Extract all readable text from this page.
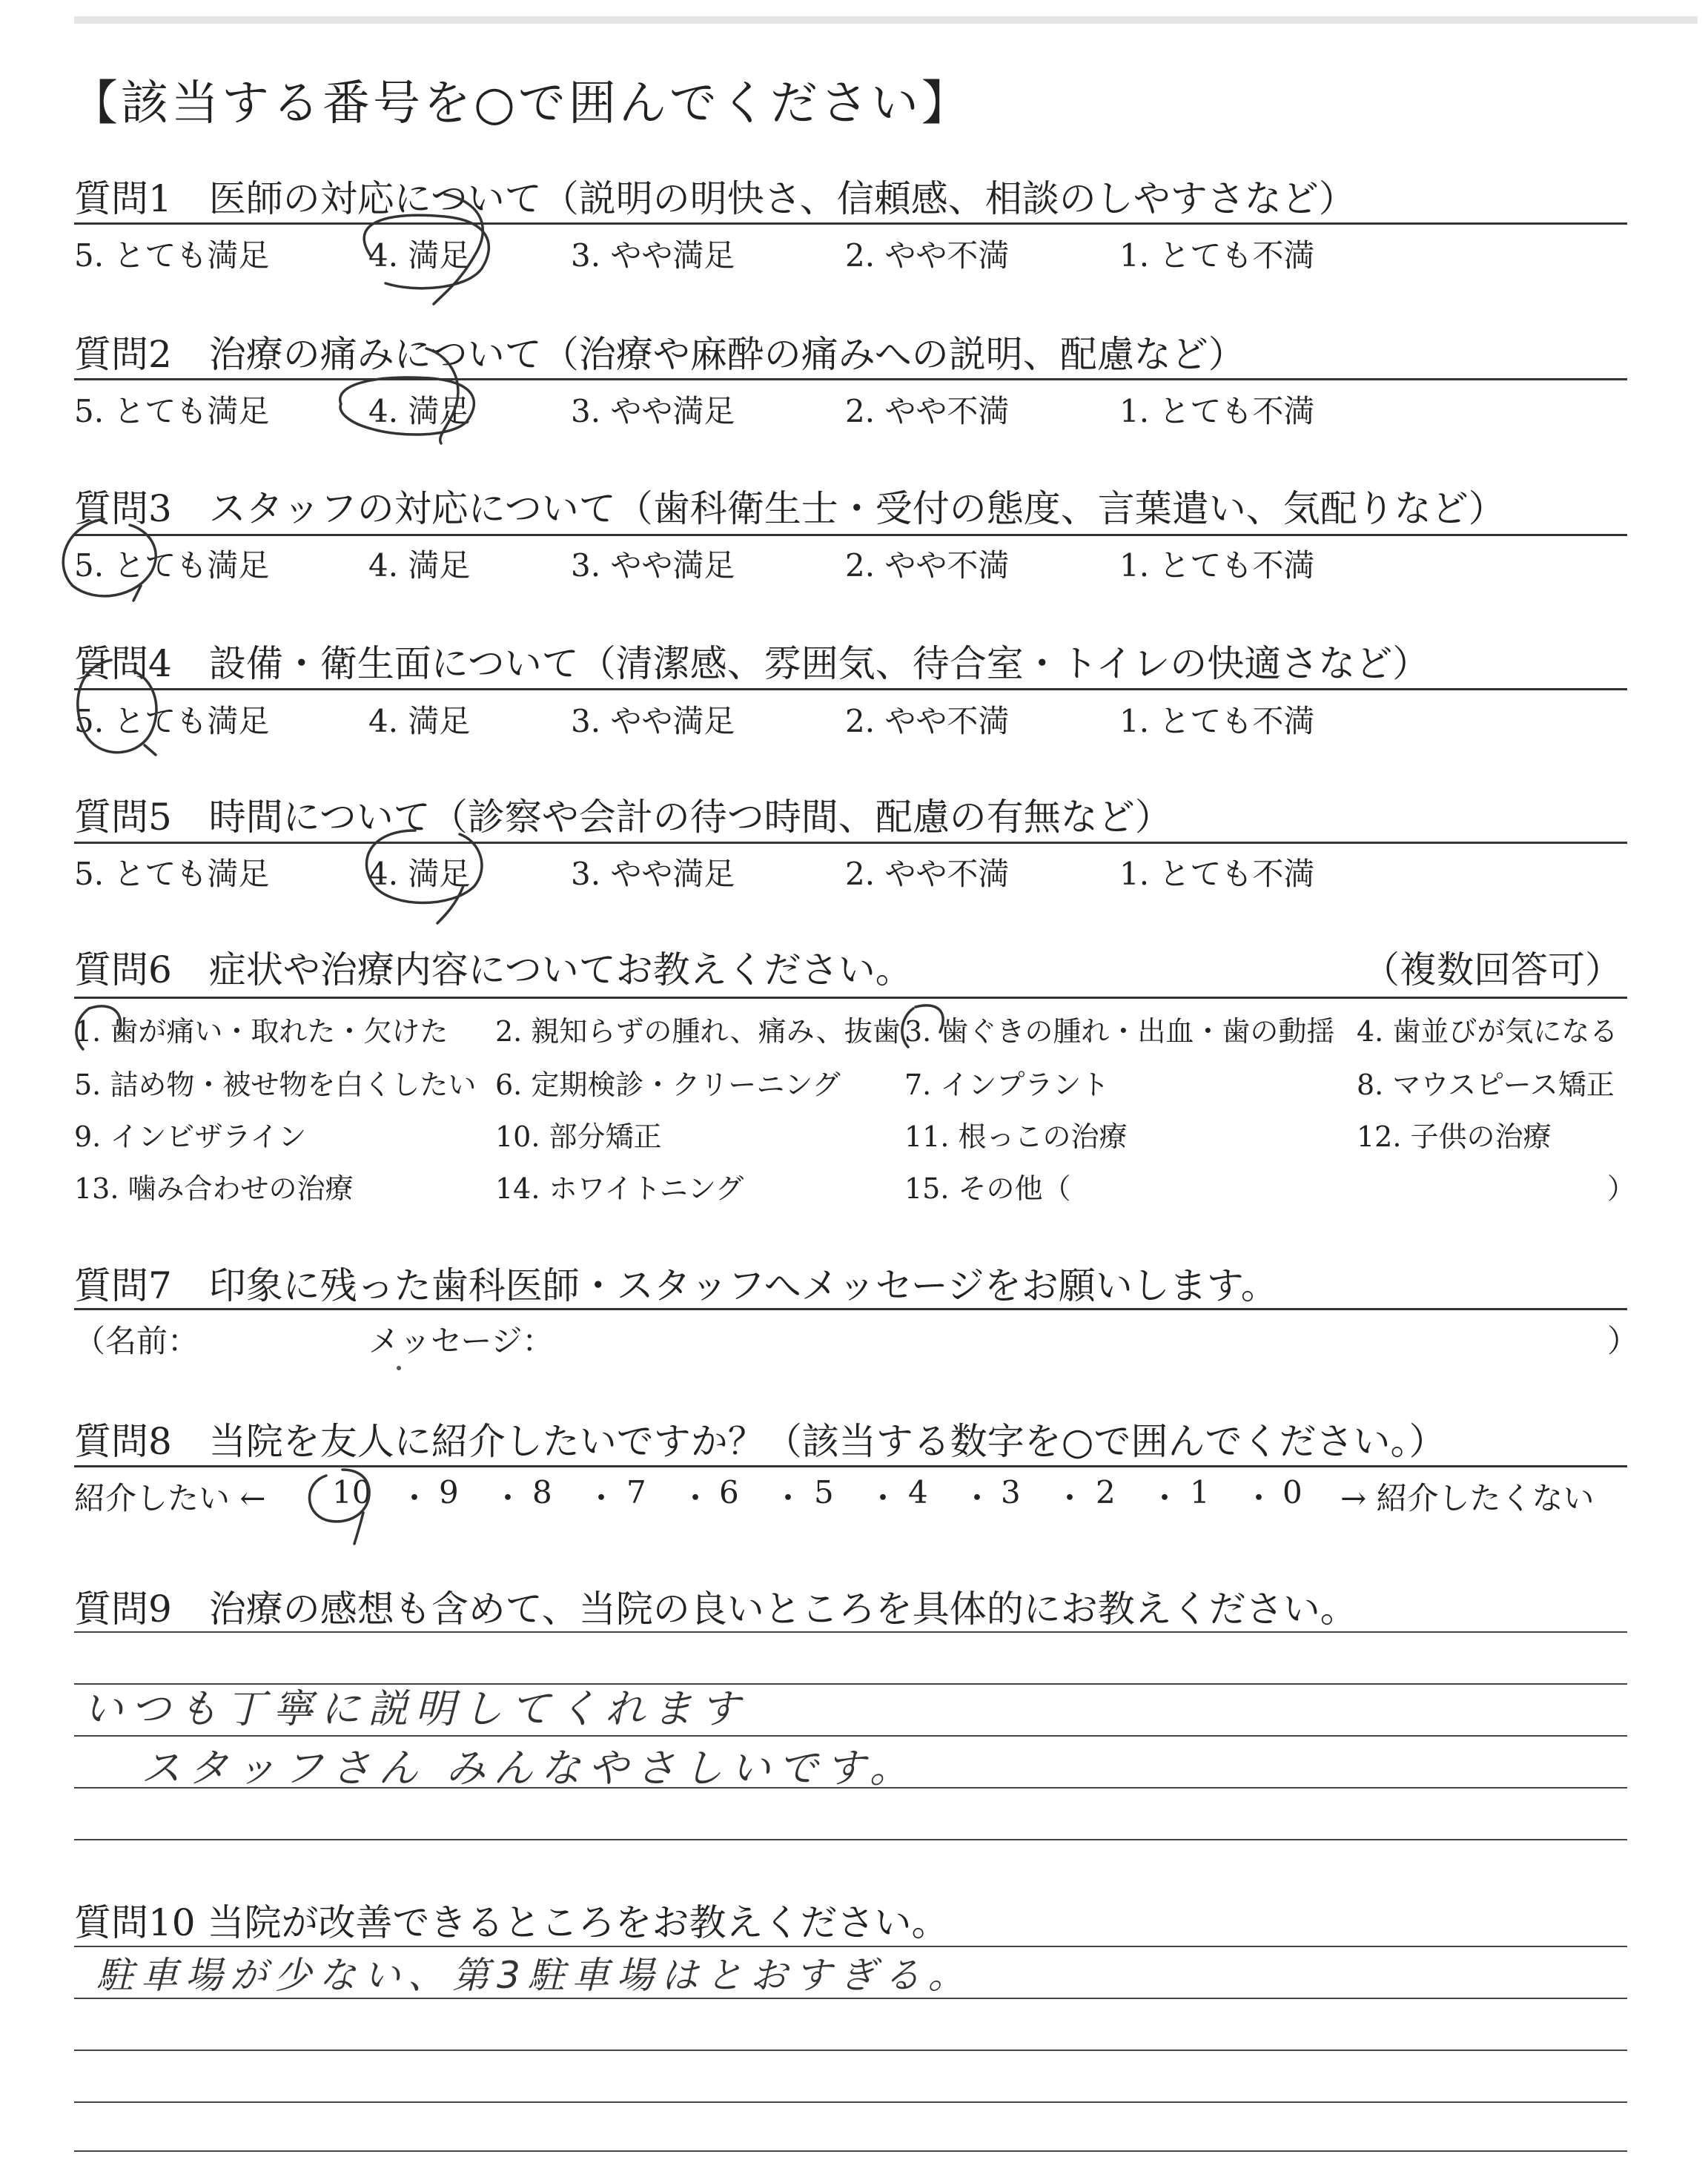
【該当する番号を○で囲んでください】
質問1　医師の対応について（説明の明快さ、信頼感、相談のしやすさなど）
5. とても満足	4. 満足	3. やや満足	2. やや不満	1. とても不満
質問2　治療の痛みについて（治療や麻酔の痛みへの説明、配慮など）
5. とても満足	4. 満足	3. やや満足	2. やや不満	1. とても不満
質問3　スタッフの対応について（歯科衛生士・受付の態度、言葉遣い、気配りなど）
5. とても満足	4. 満足	3. やや満足	2. やや不満	1. とても不満
質問4　設備・衛生面について（清潔感、雰囲気、待合室・トイレの快適さなど）
5. とても満足	4. 満足	3. やや満足	2. やや不満	1. とても不満
質問5　時間について（診察や会計の待つ時間、配慮の有無など）
5. とても満足	4. 満足	3. やや満足	2. やや不満	1. とても不満
質問6　症状や治療内容についてお教えください。	（複数回答可）
1. 歯が痛い・取れた・欠けた 2. 親知らずの腫れ、痛み、抜歯 3. 歯ぐきの腫れ・出血・歯の動揺 4. 歯並びが気になる
5. 詰め物・被せ物を白くしたい 6. 定期検診・クリーニング 7. インプラント	8. マウスピース矯正
9. インビザライン	10. 部分矯正	11. 根っこの治療	12. 子供の治療
13. 噛み合わせの治療	14. ホワイトニング	15. その他（	）
質問7　印象に残った歯科医師・スタッフへメッセージをお願いします。
（名前：	メッセージ：	）
質問8　当院を友人に紹介したいですか？（該当する数字を○で囲んでください。）
紹介したい ← 10 ・ 9 ・ 8 ・ 7 ・ 6 ・ 5 ・ 4 ・ 3 ・ 2 ・ 1 ・ 0 → 紹介したくない
質問9　治療の感想も含めて、当院の良いところを具体的にお教えください。
いつも丁寧に説明してくれます
スタッフさん みんなやさしいです。
質問10 当院が改善できるところをお教えください。
駐車場が少ない、第3駐車場はとおすぎる。
